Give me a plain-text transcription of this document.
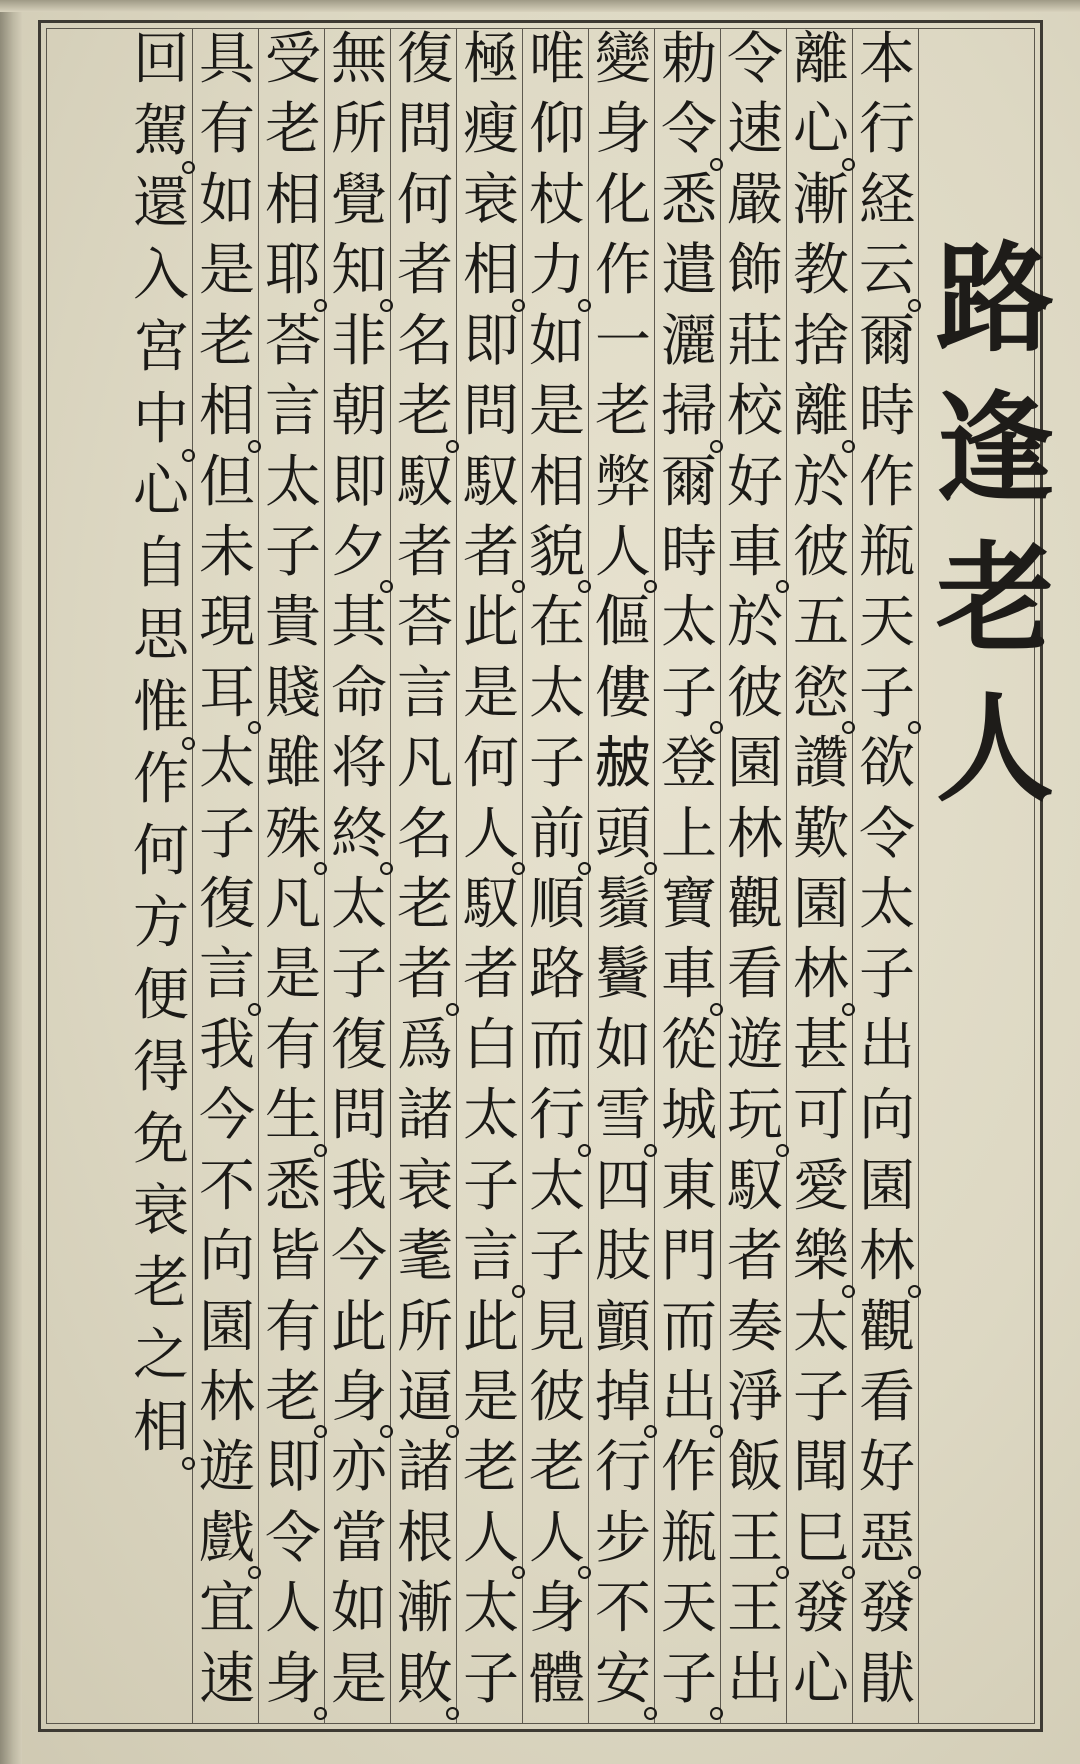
路
逢
老
人
本
行
経
云
爾
時
作
瓶
天
子
欲
令
太
子
出
向
園
林
觀
看
好
惡
發
猒
離
心
漸
教
捨
離
於
彼
五
慾
讚
歎
園
林
甚
可
愛
樂
太
子
聞
巳
發
心
令
速
嚴
飾
莊
校
好
車
於
彼
園
林
觀
看
遊
玩
馭
者
奏
淨
飯
王
王
出
勅
令
悉
遣
灑
掃
爾
時
太
子
登
上
寶
車
從
城
東
門
而
出
作
瓶
天
子
變
身
化
作
一
老
弊
人
傴
僂
𧹞
頭
鬚
鬢
如
雪
四
肢
顫
掉
行
步
不
安
唯
仰
杖
力
如
是
相
貌
在
太
子
前
順
路
而
行
太
子
見
彼
老
人
身
體
極
瘦
衰
相
即
問
馭
者
此
是
何
人
馭
者
白
太
子
言
此
是
老
人
太
子
復
問
何
者
名
老
馭
者
荅
言
凡
名
老
者
爲
諸
衰
耄
所
逼
諸
根
漸
敗
無
所
覺
知
非
朝
即
夕
其
命
将
終
太
子
復
問
我
今
此
身
亦
當
如
是
受
老
相
耶
荅
言
太
子
貴
賤
雖
殊
凡
是
有
生
悉
皆
有
老
即
令
人
身
具
有
如
是
老
相
但
未
現
耳
太
子
復
言
我
今
不
向
園
林
遊
戲
宜
速
回
駕
還
入
宮
中
心
自
思
惟
作
何
方
便
得
免
衰
老
之
相
